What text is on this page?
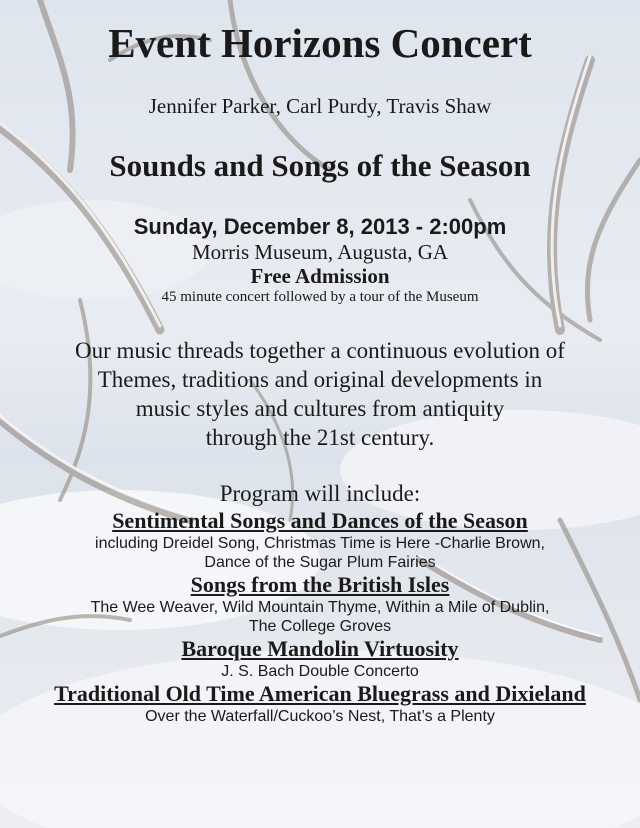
Event Horizons Concert
Jennifer Parker, Carl Purdy, Travis Shaw
Sounds and Songs of the Season
Sunday, December 8, 2013 - 2:00pm
Morris Museum, Augusta, GA
Free Admission
45 minute concert followed by a tour of the Museum
Our music threads together a continuous evolution of
Themes, traditions and original developments in
music styles and cultures from antiquity
through the 21st century.
Program will include:
Sentimental Songs and Dances of the Season
including Dreidel Song, Christmas Time is Here -Charlie Brown,
Dance of the Sugar Plum Fairies
Songs from the British Isles
The Wee Weaver, Wild Mountain Thyme, Within a Mile of Dublin,
The College Groves
Baroque Mandolin Virtuosity
J. S. Bach Double Concerto
Traditional Old Time American Bluegrass and Dixieland
Over the Waterfall/Cuckoo’s Nest, That’s a Plenty
